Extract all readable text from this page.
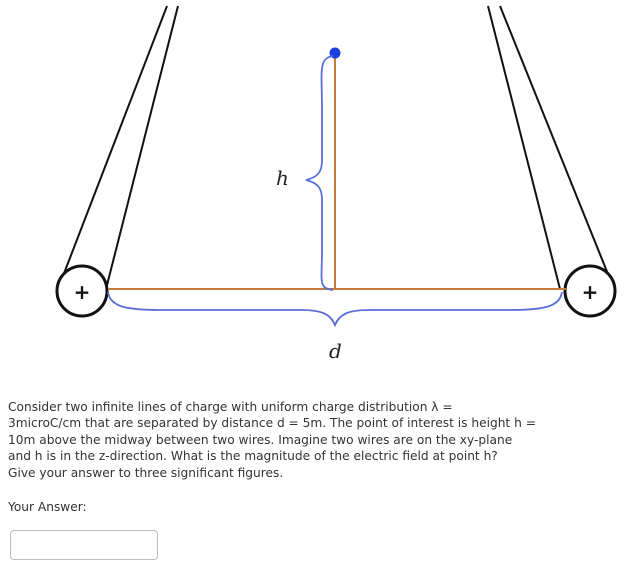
+	+
h
d
Consider two infinite lines of charge with uniform charge distribution λ =
3microC/cm that are separated by distance d = 5m. The point of interest is height h =
10m above the midway between two wires. Imagine two wires are on the xy-plane
and h is in the z-direction. What is the magnitude of the electric field at point h?
Give your answer to three significant figures.
Your Answer:
